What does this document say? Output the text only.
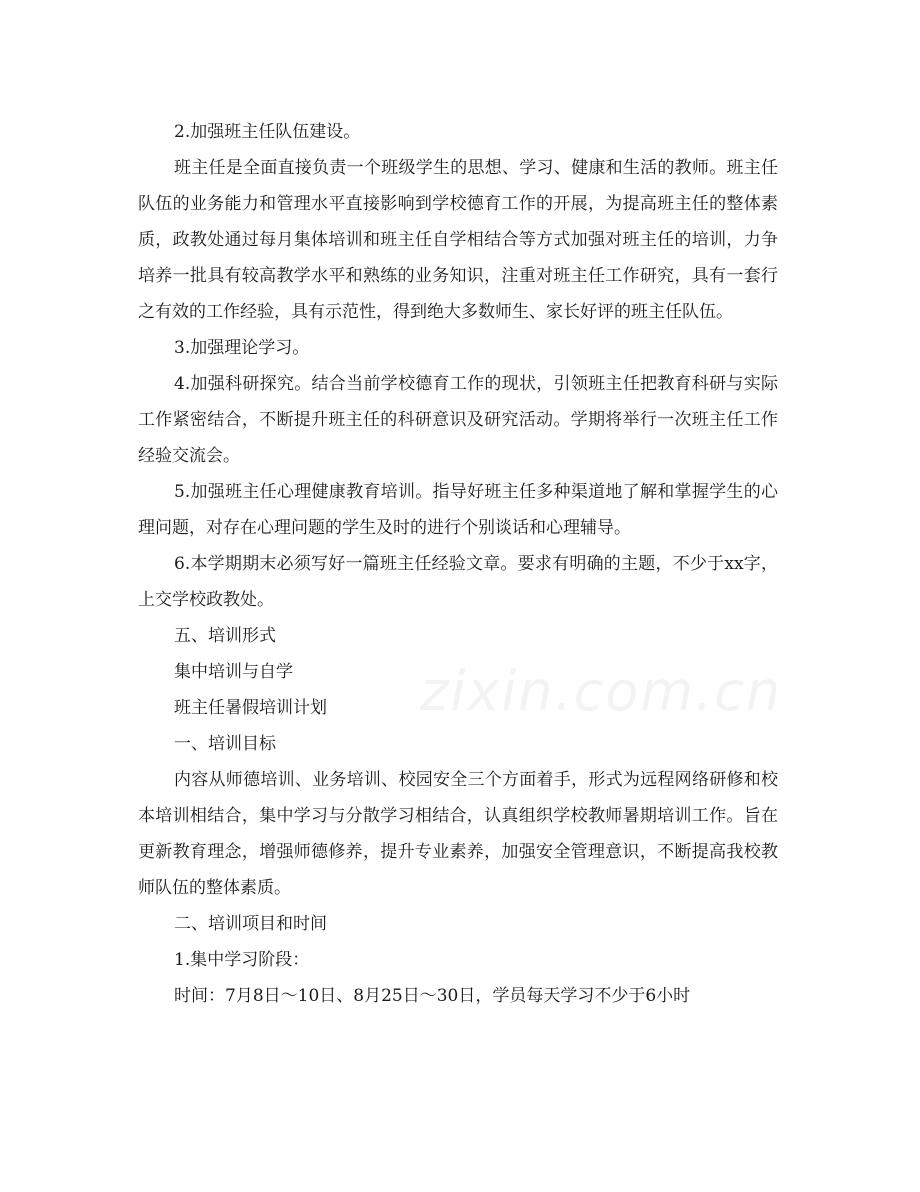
2.加强班主任队伍建设。

班主任是全面直接负责一个班级学生的思想、学习、健康和生活的教师。班主任队伍的业务能力和管理水平直接影响到学校德育工作的开展，为提高班主任的整体素质，政教处通过每月集体培训和班主任自学相结合等方式加强对班主任的培训，力争培养一批具有较高教学水平和熟练的业务知识，注重对班主任工作研究，具有一套行之有效的工作经验，具有示范性，得到绝大多数师生、家长好评的班主任队伍。

3.加强理论学习。

4.加强科研探究。结合当前学校德育工作的现状，引领班主任把教育科研与实际工作紧密结合，不断提升班主任的科研意识及研究活动。学期将举行一次班主任工作经验交流会。

5.加强班主任心理健康教育培训。指导好班主任多种渠道地了解和掌握学生的心理问题，对存在心理问题的学生及时的进行个别谈话和心理辅导。

6.本学期期末必须写好一篇班主任经验文章。要求有明确的主题，不少于xx字，上交学校政教处。

五、培训形式

集中培训与自学

班主任暑假培训计划

一、培训目标

内容从师德培训、业务培训、校园安全三个方面着手，形式为远程网络研修和校本培训相结合，集中学习与分散学习相结合，认真组织学校教师暑期培训工作。旨在更新教育理念，增强师德修养，提升专业素养，加强安全管理意识，不断提高我校教师队伍的整体素质。

二、培训项目和时间

1.集中学习阶段：

时间：7月8日～10日、8月25日～30日，学员每天学习不少于6小时

zixin.com.cn
